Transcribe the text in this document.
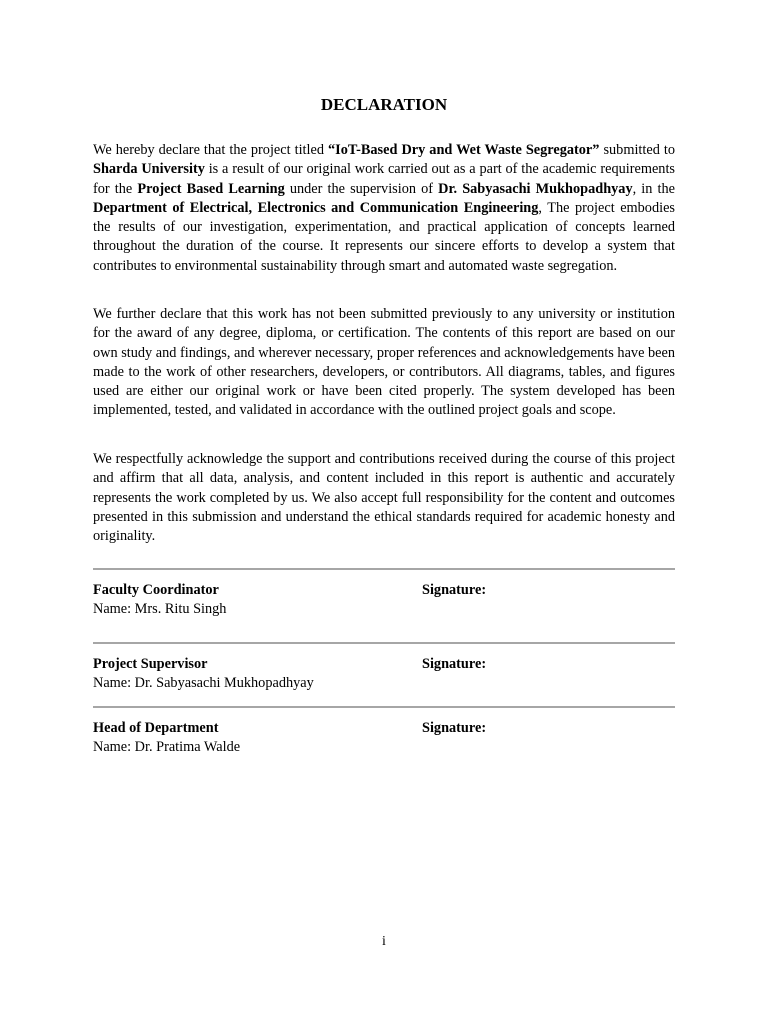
DECLARATION

We hereby declare that the project titled “IoT-Based Dry and Wet Waste Segregator” submitted to Sharda University is a result of our original work carried out as a part of the academic requirements for the Project Based Learning under the supervision of Dr. Sabyasachi Mukhopadhyay, in the Department of Electrical, Electronics and Communication Engineering, The project embodies the results of our investigation, experimentation, and practical application of concepts learned throughout the duration of the course. It represents our sincere efforts to develop a system that contributes to environmental sustainability through smart and automated waste segregation.

We further declare that this work has not been submitted previously to any university or institution for the award of any degree, diploma, or certification. The contents of this report are based on our own study and findings, and wherever necessary, proper references and acknowledgements have been made to the work of other researchers, developers, or contributors. All diagrams, tables, and figures used are either our original work or have been cited properly. The system developed has been implemented, tested, and validated in accordance with the outlined project goals and scope.

We respectfully acknowledge the support and contributions received during the course of this project and affirm that all data, analysis, and content included in this report is authentic and accurately represents the work completed by us. We also accept full responsibility for the content and outcomes presented in this submission and understand the ethical standards required for academic honesty and originality.

Faculty Coordinator
Name: Mrs. Ritu Singh
Signature:
Project Supervisor
Name: Dr. Sabyasachi Mukhopadhyay
Signature:
Head of Department
Name: Dr. Pratima Walde
Signature:
i
